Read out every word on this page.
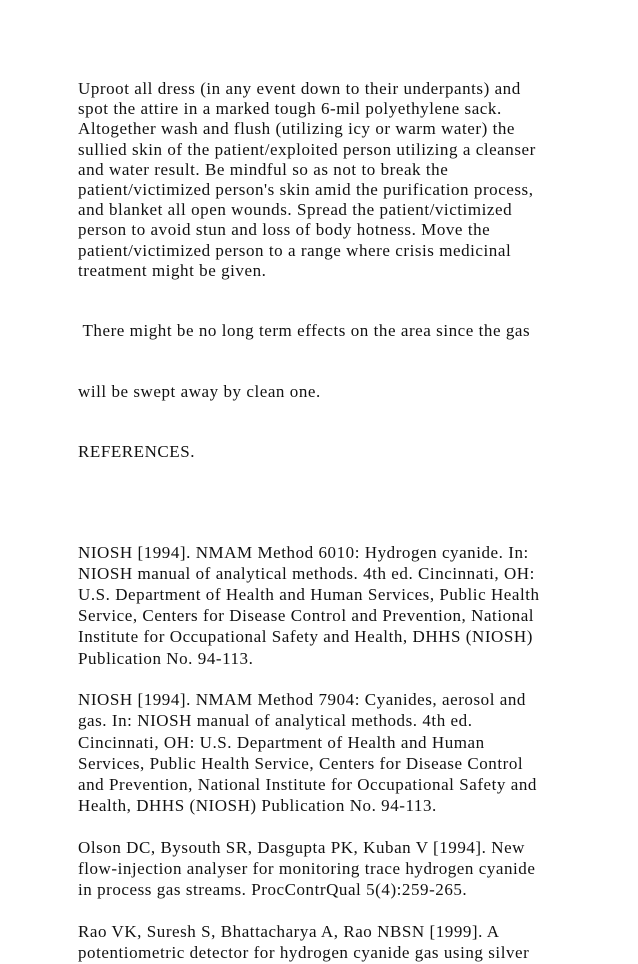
Uproot all dress (in any event down to their underpants) and
spot the attire in a marked tough 6-mil polyethylene sack.
Altogether wash and flush (utilizing icy or warm water) the
sullied skin of the patient/exploited person utilizing a cleanser
and water result. Be mindful so as not to break the
patient/victimized person's skin amid the purification process,
and blanket all open wounds. Spread the patient/victimized
person to avoid stun and loss of body hotness. Move the
patient/victimized person to a range where crisis medicinal
treatment might be given.

There might be no long term effects on the area since the gas

will be swept away by clean one.

REFERENCES.
NIOSH [1994]. NMAM Method 6010: Hydrogen cyanide. In:
NIOSH manual of analytical methods. 4th ed. Cincinnati, OH:
U.S. Department of Health and Human Services, Public Health
Service, Centers for Disease Control and Prevention, National
Institute for Occupational Safety and Health, DHHS (NIOSH)
Publication No. 94-113.
NIOSH [1994]. NMAM Method 7904: Cyanides, aerosol and
gas. In: NIOSH manual of analytical methods. 4th ed.
Cincinnati, OH: U.S. Department of Health and Human
Services, Public Health Service, Centers for Disease Control
and Prevention, National Institute for Occupational Safety and
Health, DHHS (NIOSH) Publication No. 94-113.
Olson DC, Bysouth SR, Dasgupta PK, Kuban V [1994]. New
flow-injection analyser for monitoring trace hydrogen cyanide
in process gas streams. ProcContrQual 5(4):259-265.
Rao VK, Suresh S, Bhattacharya A, Rao NBSN [1999]. A
potentiometric detector for hydrogen cyanide gas using silver
